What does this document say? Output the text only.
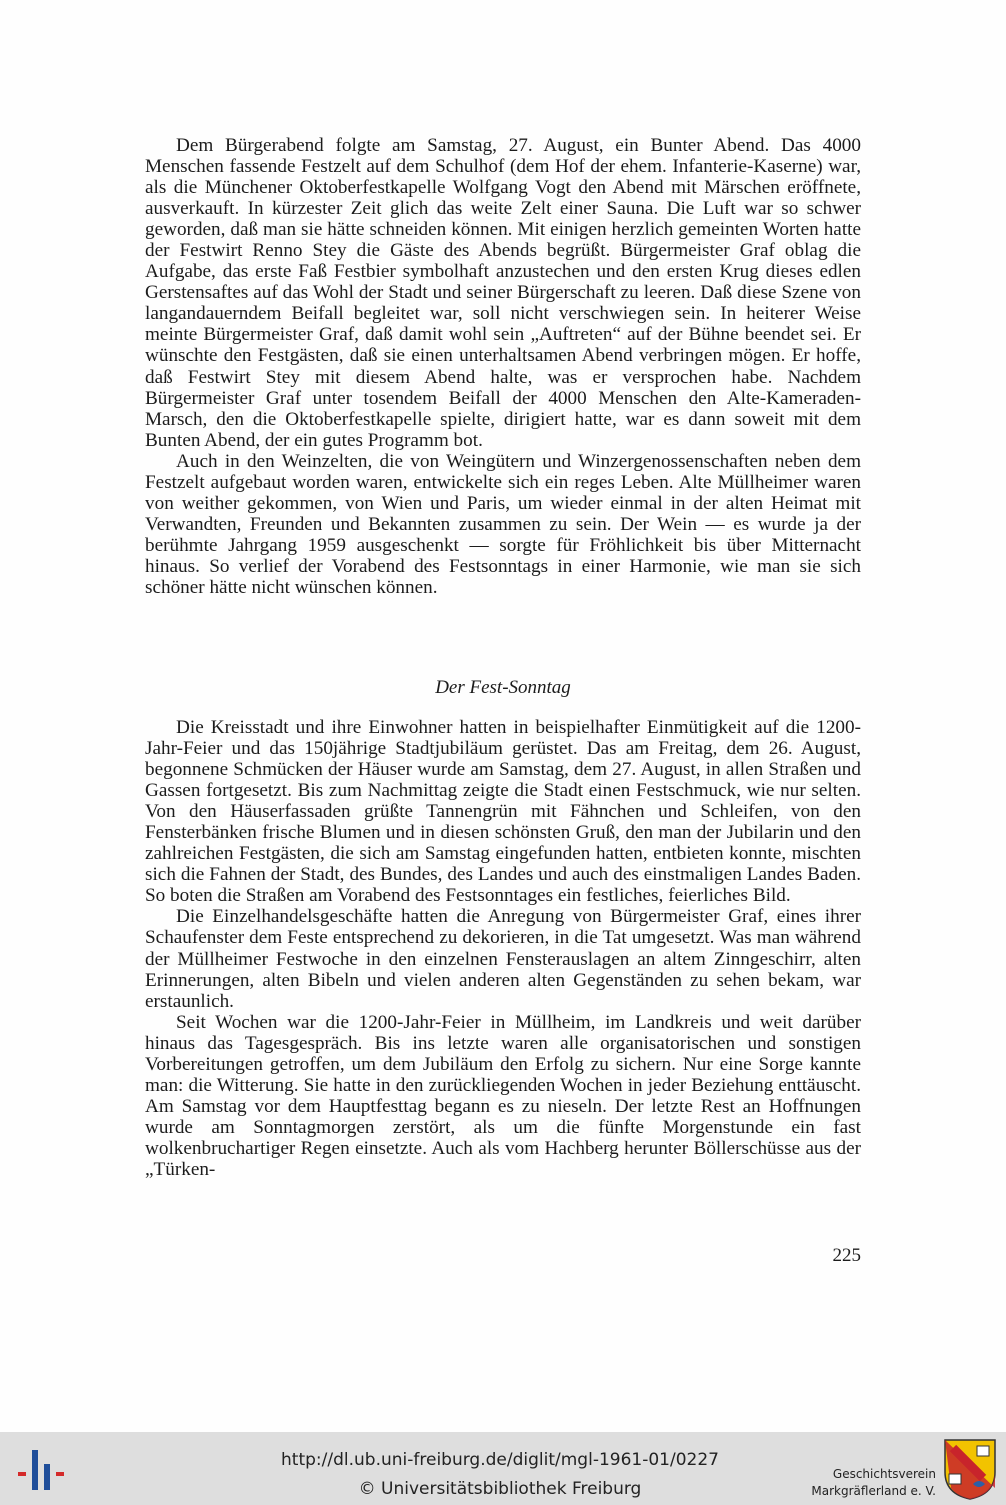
Dem Bürgerabend folgte am Samstag, 27. August, ein Bunter Abend. Das 4000 Menschen fassende Festzelt auf dem Schulhof (dem Hof der ehem. Infanterie-Kaserne) war, als die Münchener Oktoberfestkapelle Wolfgang Vogt den Abend mit Märschen eröffnete, ausverkauft. In kürzester Zeit glich das weite Zelt einer Sauna. Die Luft war so schwer geworden, daß man sie hätte schneiden können. Mit einigen herzlich gemeinten Worten hatte der Festwirt Renno Stey die Gäste des Abends begrüßt. Bürgermeister Graf oblag die Aufgabe, das erste Faß Festbier symbolhaft anzustechen und den ersten Krug dieses edlen Gerstensaftes auf das Wohl der Stadt und seiner Bürgerschaft zu leeren. Daß diese Szene von langandauerndem Beifall begleitet war, soll nicht verschwiegen sein. In heiterer Weise meinte Bürgermeister Graf, daß damit wohl sein „Auftreten“ auf der Bühne beendet sei. Er wünschte den Festgästen, daß sie einen unterhaltsamen Abend verbringen mögen. Er hoffe, daß Festwirt Stey mit diesem Abend halte, was er versprochen habe. Nachdem Bürgermeister Graf unter tosendem Beifall der 4000 Menschen den Alte-Kameraden-Marsch, den die Oktoberfestkapelle spielte, dirigiert hatte, war es dann soweit mit dem Bunten Abend, der ein gutes Programm bot.

Auch in den Weinzelten, die von Weingütern und Winzergenossenschaften neben dem Festzelt aufgebaut worden waren, entwickelte sich ein reges Leben. Alte Müllheimer waren von weither gekommen, von Wien und Paris, um wieder einmal in der alten Heimat mit Verwandten, Freunden und Bekannten zusammen zu sein. Der Wein — es wurde ja der berühmte Jahrgang 1959 ausgeschenkt — sorgte für Fröhlichkeit bis über Mitternacht hinaus. So verlief der Vorabend des Festsonntags in einer Harmonie, wie man sie sich schöner hätte nicht wünschen können.

Der Fest-Sonntag

Die Kreisstadt und ihre Einwohner hatten in beispielhafter Einmütigkeit auf die 1200-Jahr-Feier und das 150jährige Stadtjubiläum gerüstet. Das am Freitag, dem 26. August, begonnene Schmücken der Häuser wurde am Samstag, dem 27. August, in allen Straßen und Gassen fortgesetzt. Bis zum Nachmittag zeigte die Stadt einen Festschmuck, wie nur selten. Von den Häuserfassaden grüßte Tannengrün mit Fähnchen und Schleifen, von den Fensterbänken frische Blumen und in diesen schönsten Gruß, den man der Jubilarin und den zahlreichen Festgästen, die sich am Samstag eingefunden hatten, entbieten konnte, mischten sich die Fahnen der Stadt, des Bundes, des Landes und auch des einstmaligen Landes Baden. So boten die Straßen am Vorabend des Festsonntages ein festliches, feierliches Bild.

Die Einzelhandelsgeschäfte hatten die Anregung von Bürgermeister Graf, eines ihrer Schaufenster dem Feste entsprechend zu dekorieren, in die Tat umgesetzt. Was man während der Müllheimer Festwoche in den einzelnen Fensterauslagen an altem Zinngeschirr, alten Erinnerungen, alten Bibeln und vielen anderen alten Gegenständen zu sehen bekam, war erstaunlich.

Seit Wochen war die 1200-Jahr-Feier in Müllheim, im Landkreis und weit darüber hinaus das Tagesgespräch. Bis ins letzte waren alle organisatorischen und sonstigen Vorbereitungen getroffen, um dem Jubiläum den Erfolg zu sichern. Nur eine Sorge kannte man: die Witterung. Sie hatte in den zurückliegenden Wochen in jeder Beziehung enttäuscht. Am Samstag vor dem Hauptfesttag begann es zu nieseln. Der letzte Rest an Hoffnungen wurde am Sonntagmorgen zerstört, als um die fünfte Morgenstunde ein fast wolkenbruchartiger Regen einsetzte. Auch als vom Hachberg herunter Böllerschüsse aus der „Türken-

225
http://dl.ub.uni-freiburg.de/diglit/mgl-1961-01/0227
© Universitätsbibliothek Freiburg
Geschichtsverein
Markgräflerland e. V.
